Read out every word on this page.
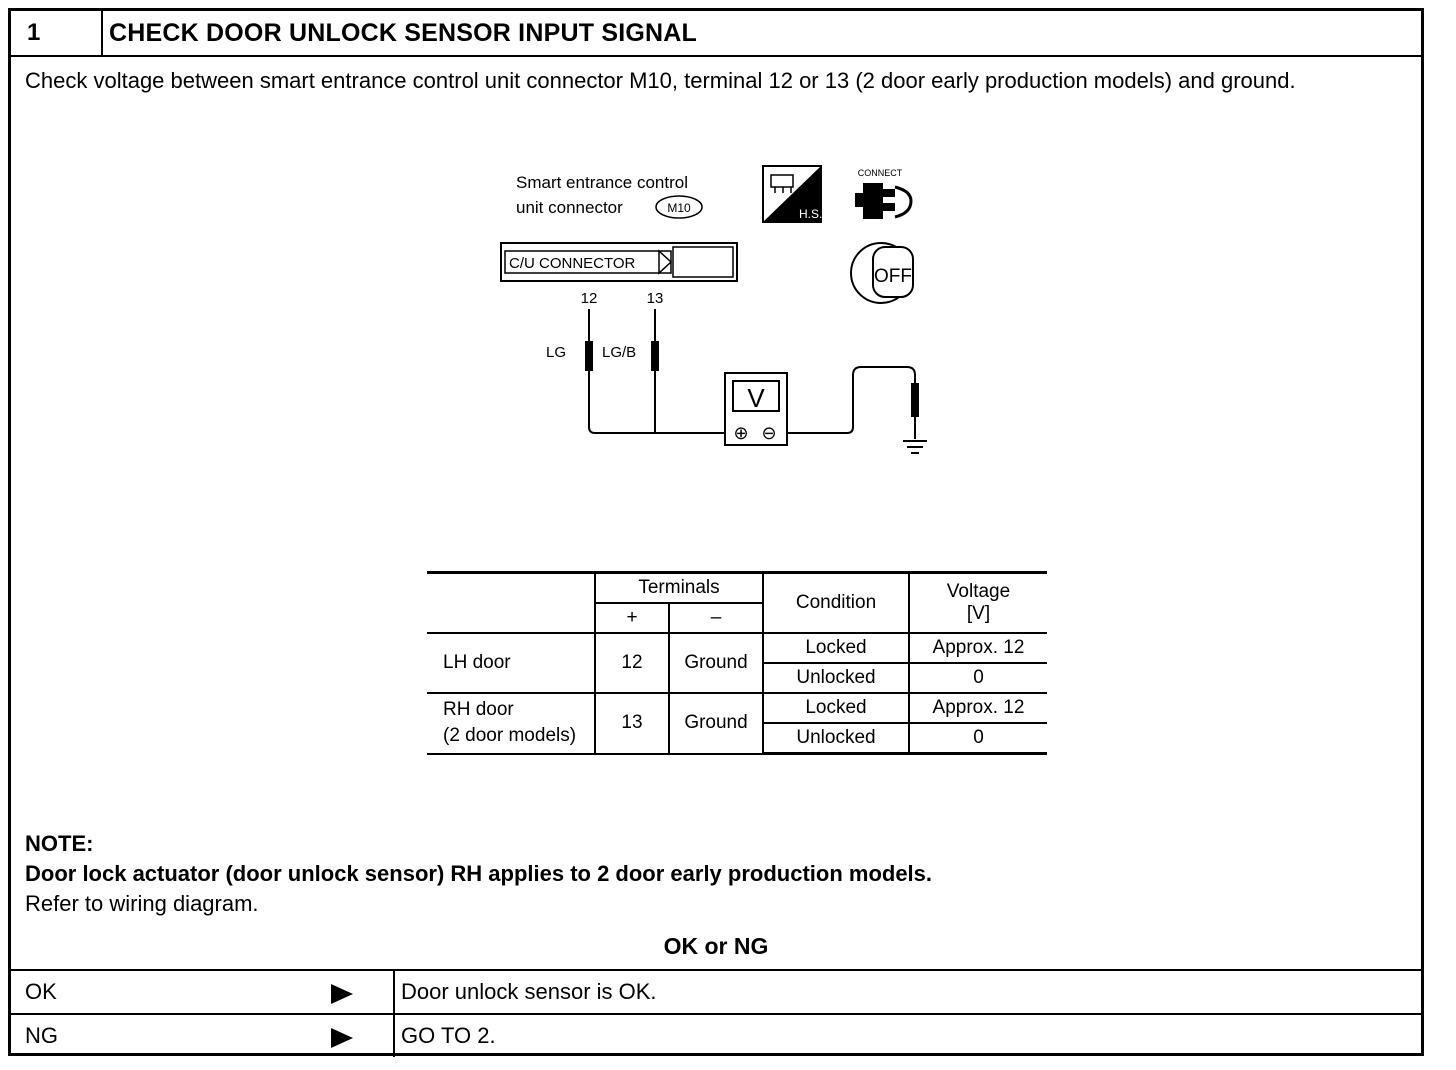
1	CHECK DOOR UNLOCK SENSOR INPUT SIGNAL
Check voltage between smart entrance control unit connector M10, terminal 12 or 13 (2 door early production models) and ground.
Smart entrance control
unit connector	M10	H.S.
CONNECT
OFF
C/U CONNECTOR
12	13
LG LG/B
V
⊕ ⊖
	Terminals		Condition	Voltage
[V]
	+	–		
LH door	12	Ground	Locked	Approx. 12
			Unlocked	0
RH door
(2 door models)	13	Ground	Locked	Approx. 12
			Unlocked	0
NOTE:
Door lock actuator (door unlock sensor) RH applies to 2 door early production models.
Refer to wiring diagram.
OK or NG
OK	Door unlock sensor is OK.
NG	GO TO 2.
